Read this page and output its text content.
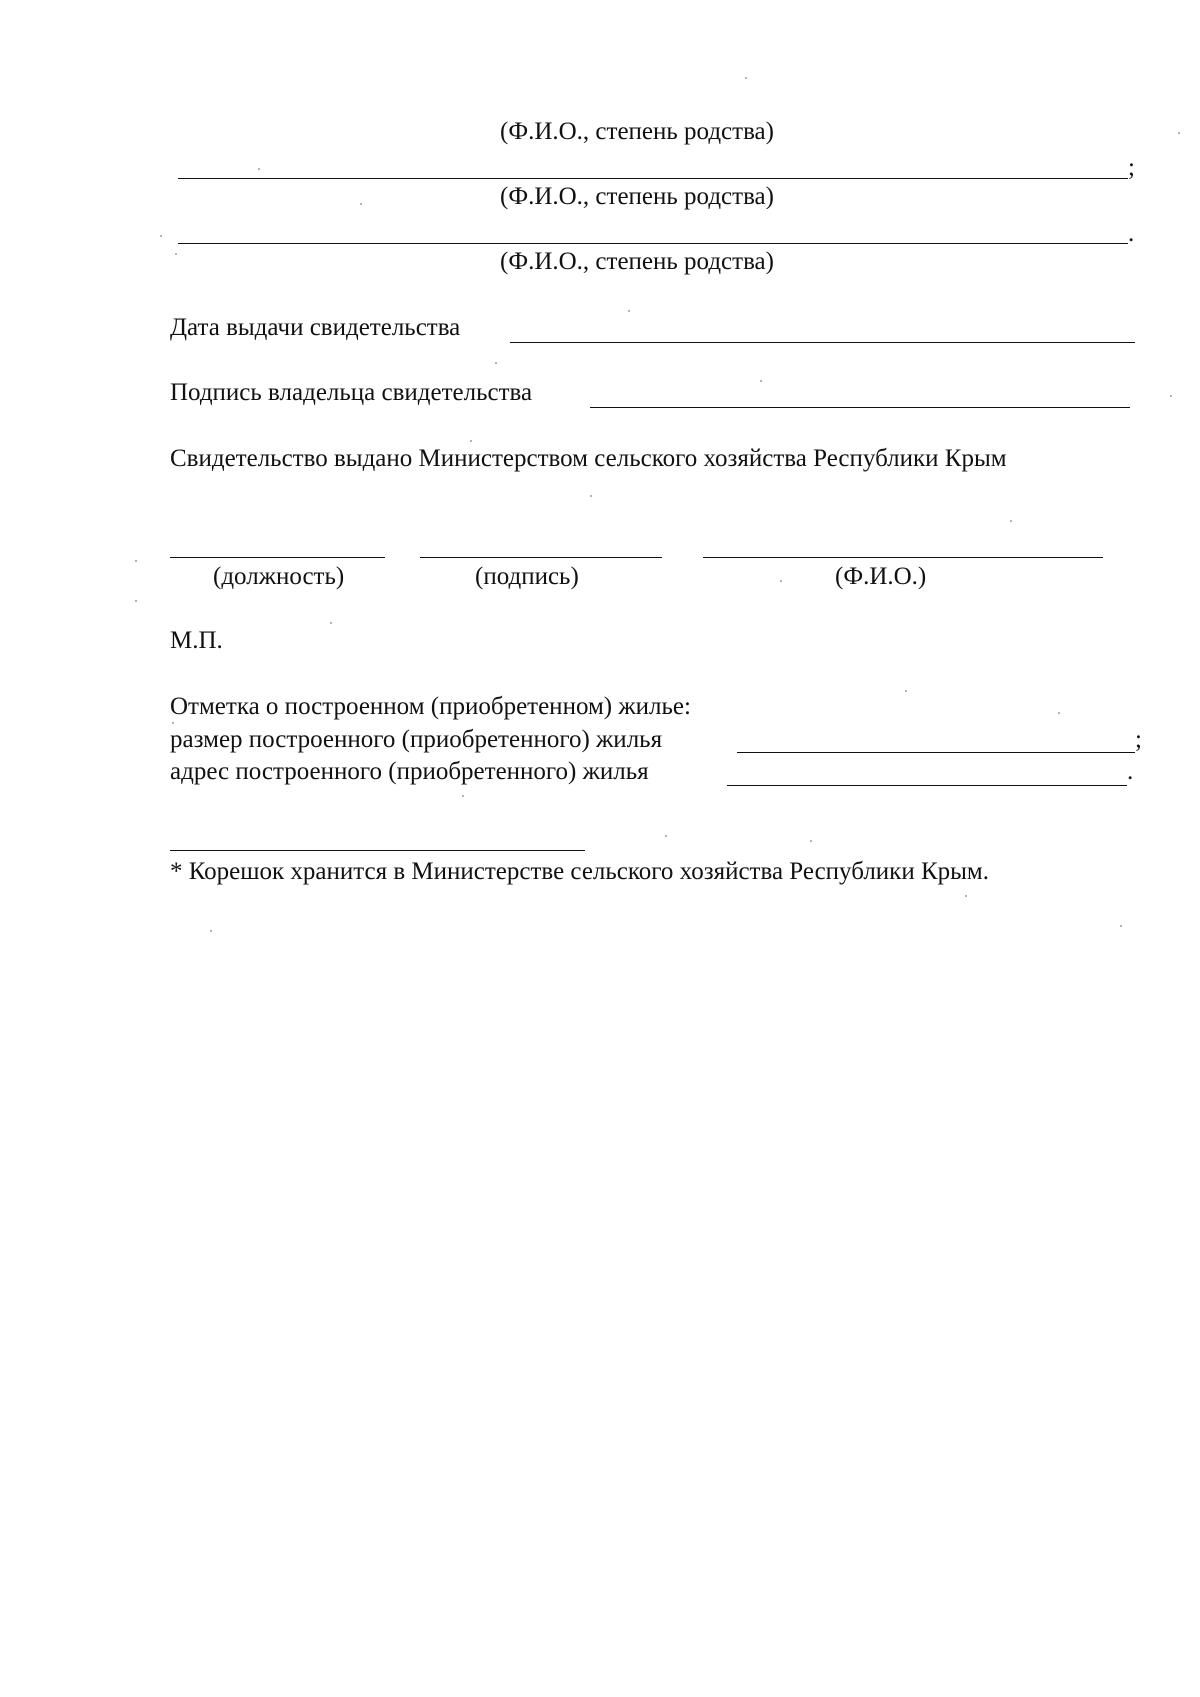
(Ф.И.О., степень родства)
;
(Ф.И.О., степень родства)
.
(Ф.И.О., степень родства)
Дата выдачи свидетельства
Подпись владельца свидетельства
Свидетельство выдано Министерством сельского хозяйства Республики Крым
(должность)	(подпись)	(Ф.И.О.)
М.П.
Отметка о построенном (приобретенном) жилье:
размер построенного (приобретенного) жилья	;
адрес построенного (приобретенного) жилья	.
* Корешок хранится в Министерстве сельского хозяйства Республики Крым.
